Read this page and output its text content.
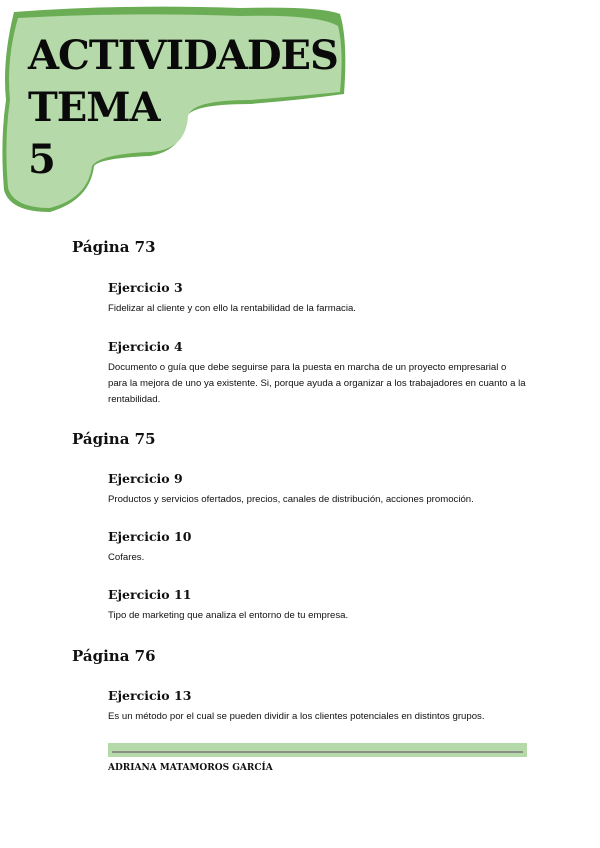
ACTIVIDADES
TEMA
5
Página 73
Ejercicio 3

Fidelizar al cliente y con ello la rentabilidad de la farmacia.

Ejercicio 4

Documento o guía que debe seguirse para la puesta en marcha de un proyecto empresarial o para la mejora de uno ya existente. Si, porque ayuda a organizar a los trabajadores en cuanto a la rentabilidad.

Página 75
Ejercicio 9

Productos y servicios ofertados, precios, canales de distribución, acciones promoción.

Ejercicio 10

Cofares.

Ejercicio 11

Tipo de marketing que analiza el entorno de tu empresa.

Página 76
Ejercicio 13

Es un método por el cual se pueden dividir a los clientes potenciales en distintos grupos.

ADRIANA MATAMOROS GARCÍA
